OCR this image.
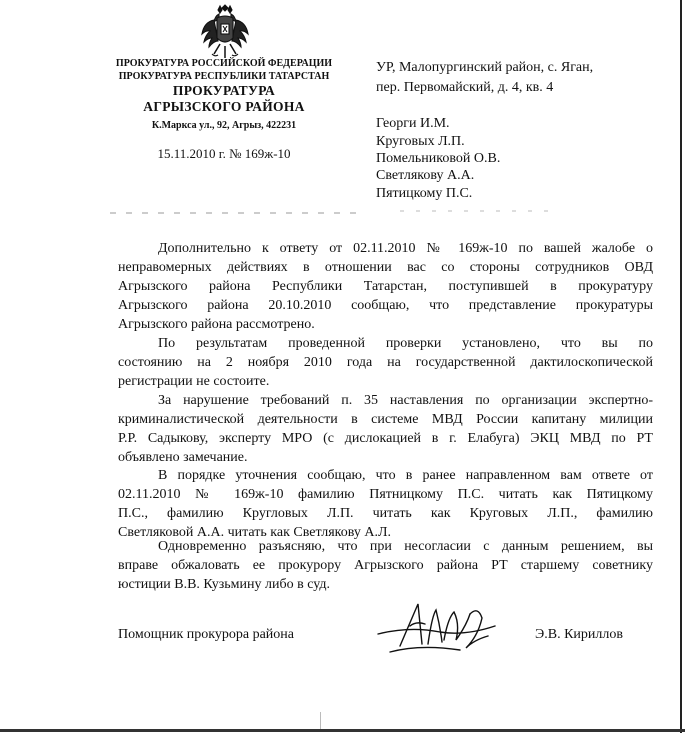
ПРОКУРАТУРА РОССИЙСКОЙ ФЕДЕРАЦИИ
ПРОКУРАТУРА РЕСПУБЛИКИ ТАТАРСТАН
ПРОКУРАТУРА
АГРЫЗСКОГО РАЙОНА
К.Маркса ул., 92, Агрыз, 422231
15.11.2010 г. № 169ж-10
УР, Малопургинский район, с. Яган,
пер. Первомайский, д. 4, кв. 4
Георги И.М.
Круговых Л.П.
Помельниковой О.В.
Светлякову А.А.
Пятицкому П.С.
Дополнительно к ответу от 02.11.2010 № 169ж-10 по вашей жалобе о
неправомерных действиях в отношении вас со стороны сотрудников ОВД
Агрызского района Республики Татарстан, поступившей в прокуратуру
Агрызского района 20.10.2010 сообщаю, что представление прокуратуры
Агрызского района рассмотрено.
По результатам проведенной проверки установлено, что вы по
состоянию на 2 ноября 2010 года на государственной дактилоскопической
регистрации не состоите.
За нарушение требований п. 35 наставления по организации экспертно-
криминалистической деятельности в системе МВД России капитану милиции
Р.Р. Садыкову, эксперту МРО (с дислокацией в г. Елабуга) ЭКЦ МВД по РТ
объявлено замечание.
В порядке уточнения сообщаю, что в ранее направленном вам ответе от
02.11.2010 № 169ж-10 фамилию Пятницкому П.С. читать как Пятицкому
П.С., фамилию Кругловых Л.П. читать как Круговых Л.П., фамилию
Светляковой А.А. читать как Светлякову А.Л.
Одновременно разъясняю, что при несогласии с данным решением, вы
вправе обжаловать ее прокурору Агрызского района РТ старшему советнику
юстиции В.В. Кузьмину либо в суд.
Помощник прокурора района	Э.В. Кириллов
